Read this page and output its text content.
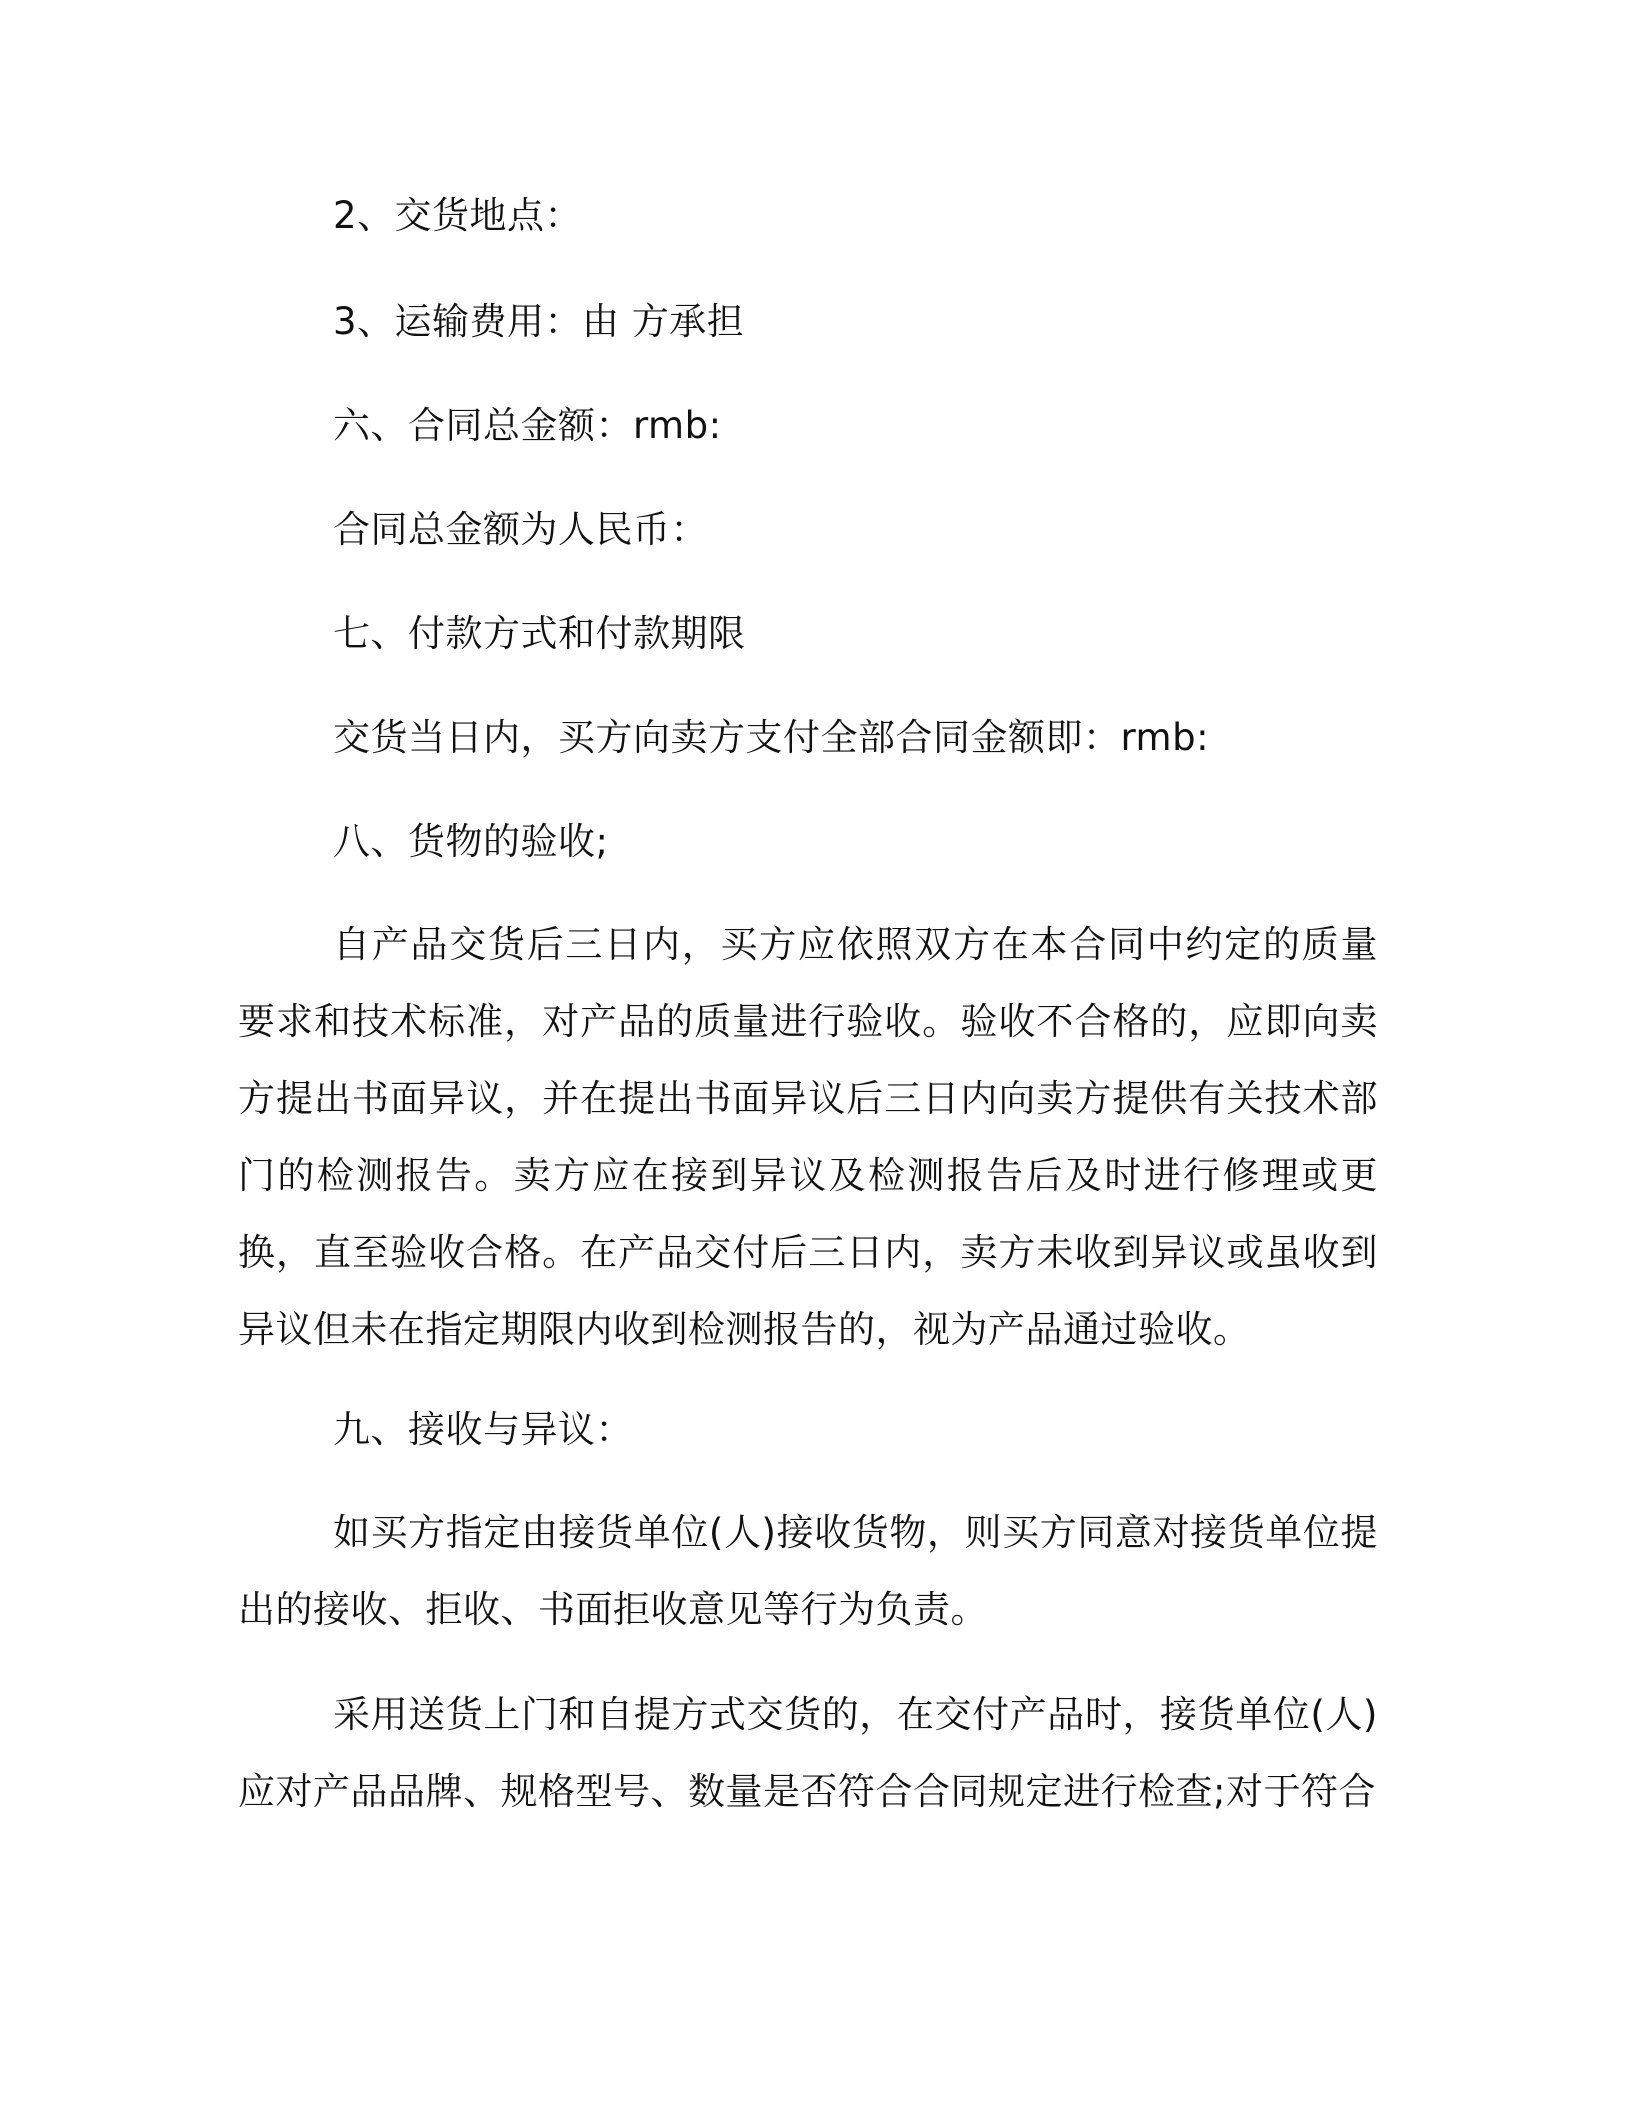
2、交货地点：
3、运输费用：由 方承担
六、合同总金额：rmb:
合同总金额为人民币：
七、付款方式和付款期限
交货当日内，买方向卖方支付全部合同金额即：rmb:
八、货物的验收;
自产品交货后三日内，买方应依照双方在本合同中约定的质量要求和技术标准，对产品的质量进行验收。验收不合格的，应即向卖方提出书面异议，并在提出书面异议后三日内向卖方提供有关技术部门的检测报告。卖方应在接到异议及检测报告后及时进行修理或更换，直至验收合格。在产品交付后三日内，卖方未收到异议或虽收到异议但未在指定期限内收到检测报告的，视为产品通过验收。
九、接收与异议：
如买方指定由接货单位(人)接收货物，则买方同意对接货单位提出的接收、拒收、书面拒收意见等行为负责。
采用送货上门和自提方式交货的，在交付产品时，接货单位(人)应对产品品牌、规格型号、数量是否符合合同规定进行检查;对于符合
